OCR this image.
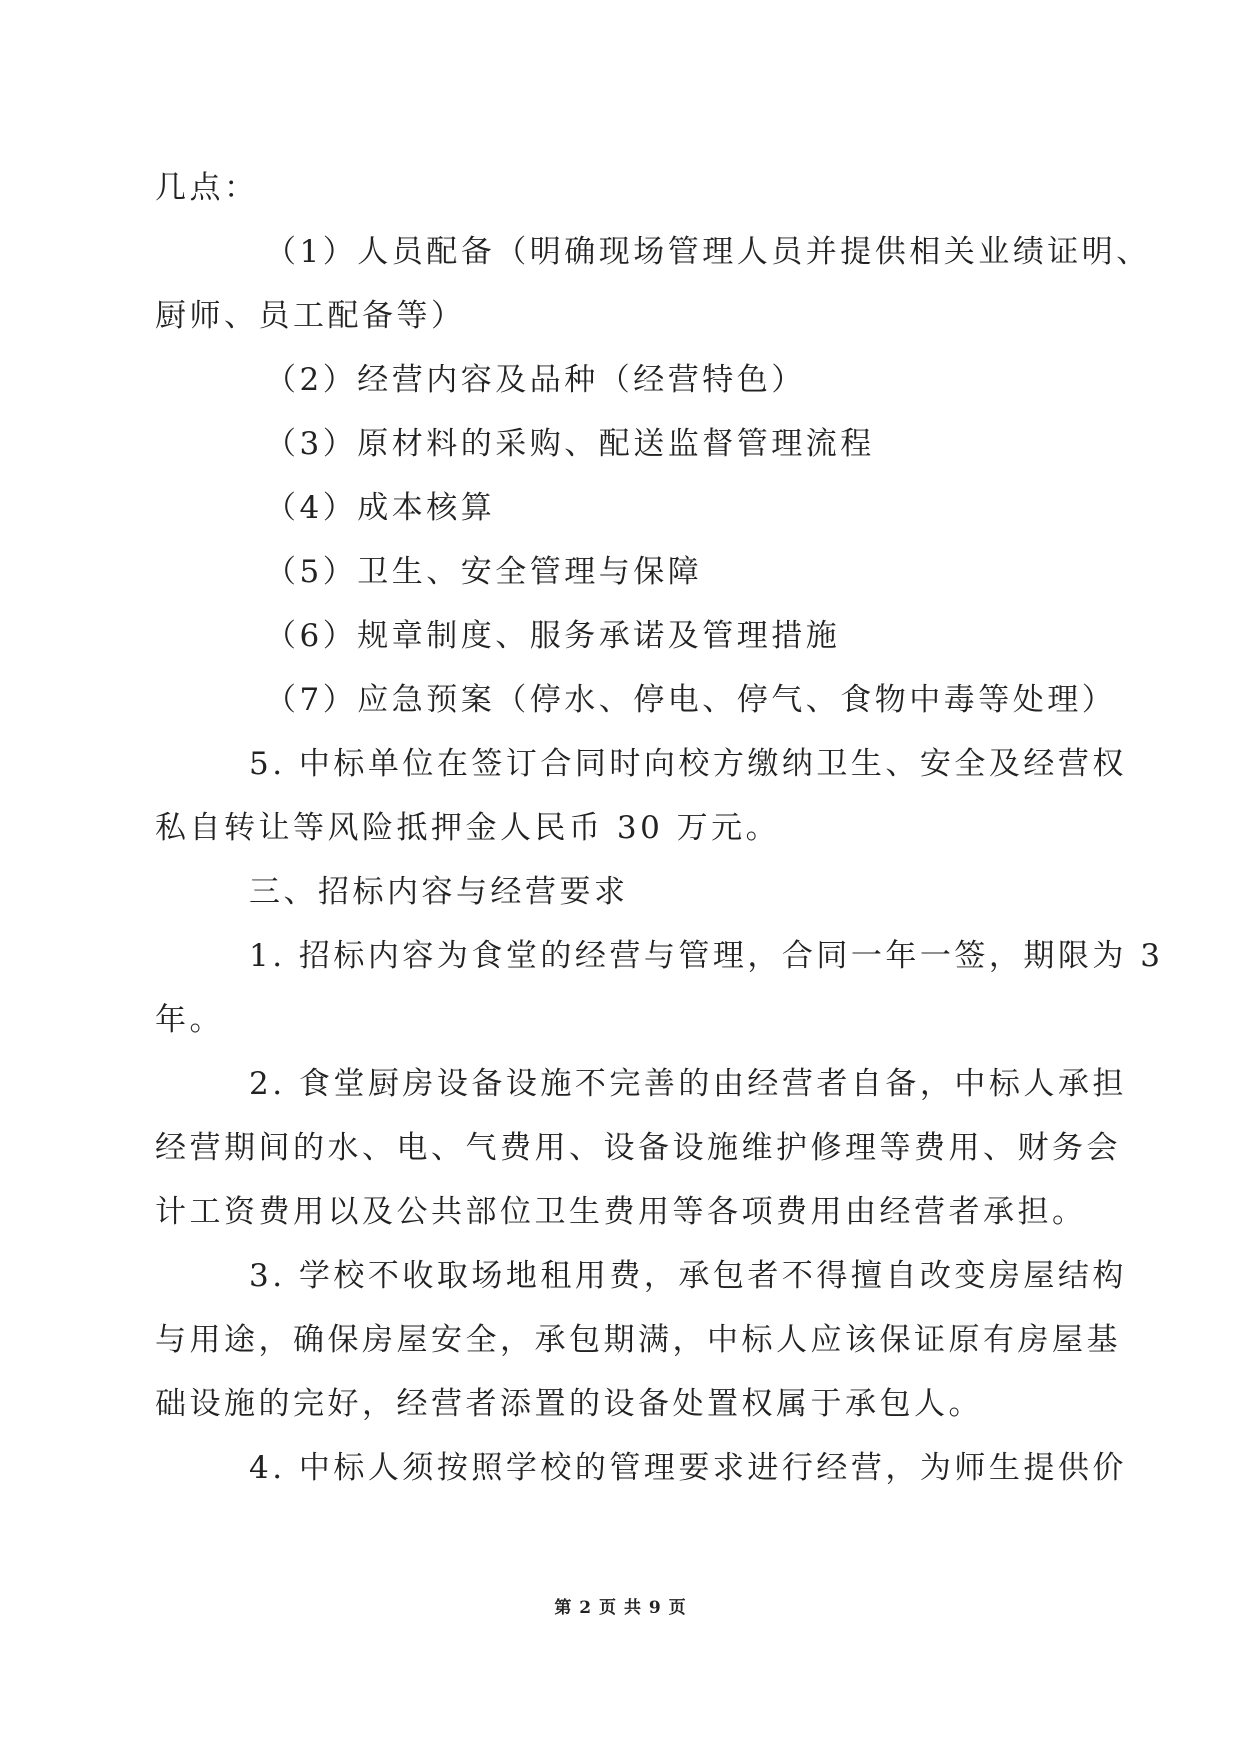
几点：
（1）人员配备（明确现场管理人员并提供相关业绩证明、
厨师、员工配备等）
（2）经营内容及品种（经营特色）
（3）原材料的采购、配送监督管理流程
（4）成本核算
（5）卫生、安全管理与保障
（6）规章制度、服务承诺及管理措施
（7）应急预案（停水、停电、停气、食物中毒等处理）
5. 中标单位在签订合同时向校方缴纳卫生、安全及经营权
私自转让等风险抵押金人民币 30 万元。
三、招标内容与经营要求
1. 招标内容为食堂的经营与管理，合同一年一签，期限为 3
年。
2. 食堂厨房设备设施不完善的由经营者自备，中标人承担
经营期间的水、电、气费用、设备设施维护修理等费用、财务会
计工资费用以及公共部位卫生费用等各项费用由经营者承担。
3. 学校不收取场地租用费，承包者不得擅自改变房屋结构
与用途，确保房屋安全，承包期满，中标人应该保证原有房屋基
础设施的完好，经营者添置的设备处置权属于承包人。
4. 中标人须按照学校的管理要求进行经营，为师生提供价
第 2 页 共 9 页
